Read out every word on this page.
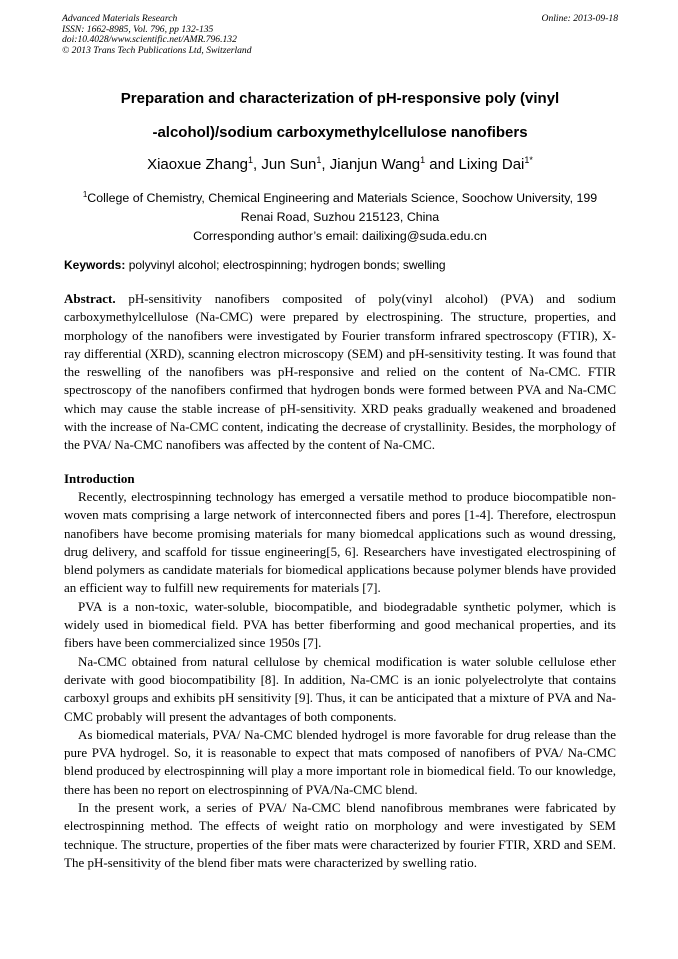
Advanced Materials Research
ISSN: 1662-8985, Vol. 796, pp 132-135
doi:10.4028/www.scientific.net/AMR.796.132
© 2013 Trans Tech Publications Ltd, Switzerland
Online: 2013-09-18
Preparation and characterization of pH-responsive poly (vinyl
-alcohol)/sodium carboxymethylcellulose nanofibers
Xiaoxue Zhang$^1$, Jun Sun$^1$, Jianjun Wang$^1$ and Lixing Dai$^{1*}$
$^1$College of Chemistry, Chemical Engineering and Materials Science, Soochow University, 199
Renai Road, Suzhou 215123, China
Corresponding author’s email: dailixing@suda.edu.cn
Keywords: polyvinyl alcohol; electrospinning; hydrogen bonds; swelling
Abstract. pH-sensitivity nanofibers composited of poly(vinyl alcohol) (PVA) and sodium carboxymethylcellulose (Na-CMC) were prepared by electrospining. The structure, properties, and morphology of the nanofibers were investigated by Fourier transform infrared spectroscopy (FTIR), X-ray differential (XRD), scanning electron microscopy (SEM) and pH-sensitivity testing. It was found that the reswelling of the nanofibers was pH-responsive and relied on the content of Na-CMC. FTIR spectroscopy of the nanofibers confirmed that hydrogen bonds were formed between PVA and Na-CMC which may cause the stable increase of pH-sensitivity. XRD peaks gradually weakened and broadened with the increase of Na-CMC content, indicating the decrease of crystallinity. Besides, the morphology of the PVA/ Na-CMC nanofibers was affected by the content of Na-CMC.
Introduction

Recently, electrospinning technology has emerged a versatile method to produce biocompatible non-woven mats comprising a large network of interconnected fibers and pores [1-4]. Therefore, electrospun nanofibers have become promising materials for many biomedcal applications such as wound dressing, drug delivery, and scaffold for tissue engineering[5, 6]. Researchers have investigated electrospining of blend polymers as candidate materials for biomedical applications because polymer blends have provided an efficient way to fulfill new requirements for materials [7].

PVA is a non-toxic, water-soluble, biocompatible, and biodegradable synthetic polymer, which is widely used in biomedical field. PVA has better fiberforming and good mechanical properties, and its fibers have been commercialized since 1950s [7].

Na-CMC obtained from natural cellulose by chemical modification is water soluble cellulose ether derivate with good biocompatibility [8]. In addition, Na-CMC is an ionic polyelectrolyte that contains carboxyl groups and exhibits pH sensitivity [9]. Thus, it can be anticipated that a mixture of PVA and Na-CMC probably will present the advantages of both components.

As biomedical materials, PVA/ Na-CMC blended hydrogel is more favorable for drug release than the pure PVA hydrogel. So, it is reasonable to expect that mats composed of nanofibers of PVA/ Na-CMC blend produced by electrospinning will play a more important role in biomedical field. To our knowledge, there has been no report on electrospinning of PVA/Na-CMC blend.

In the present work, a series of PVA/ Na-CMC blend nanofibrous membranes were fabricated by electrospinning method. The effects of weight ratio on morphology and were investigated by SEM technique. The structure, properties of the fiber mats were characterized by fourier FTIR, XRD and SEM. The pH-sensitivity of the blend fiber mats were characterized by swelling ratio.
